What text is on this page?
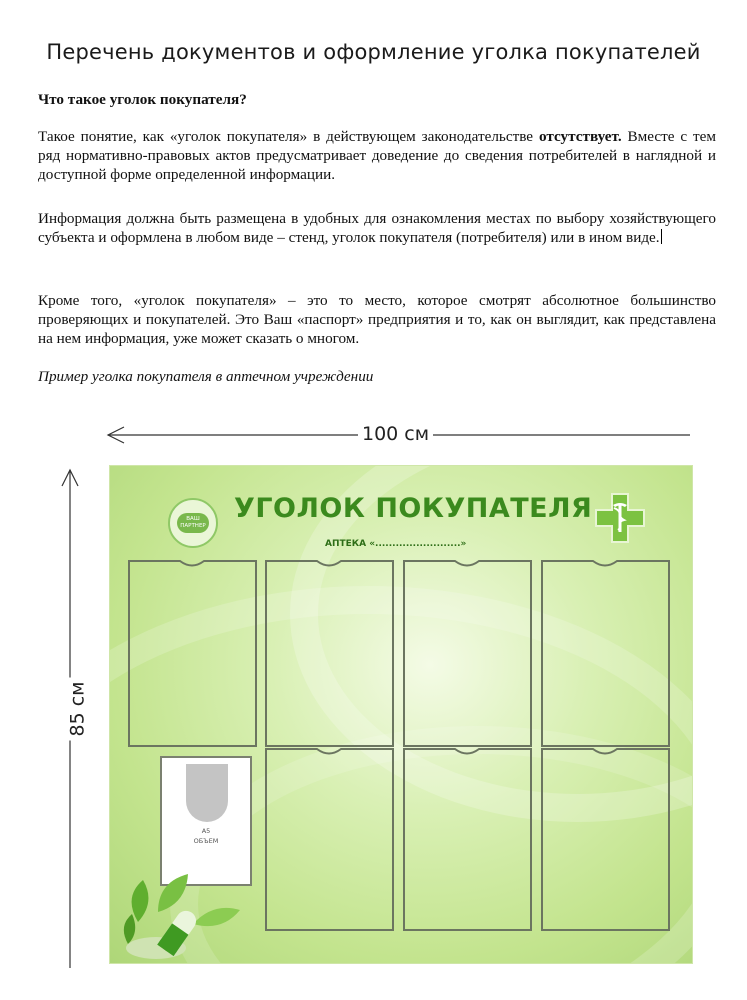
Перечень документов и оформление уголка покупателей

Что такое уголок покупателя?

Такое понятие, как «уголок покупателя» в действующем законодательстве отсутствует. Вместе с тем ряд нормативно-правовых актов предусматривает доведение до сведения потребителей в наглядной и доступной форме определенной информации.

Информация должна быть размещена в удобных для ознакомления местах по выбору хозяйствующего субъекта и оформлена в любом виде – стенд, уголок покупателя (потребителя) или в ином виде.

Кроме того, «уголок покупателя» – это то место, которое смотрят абсолютное большинство проверяющих и покупателей. Это Ваш «паспорт» предприятия и то, как он выглядит, как представлена на нем информация, уже может сказать о многом.

Пример уголка покупателя в аптечном учреждении

100 см
85 см
ВАШ ПАРТНЕР
УГОЛОК ПОКУПАТЕЛЯ
АПТЕКА «.........................»
А5
ОБЪЕМ
